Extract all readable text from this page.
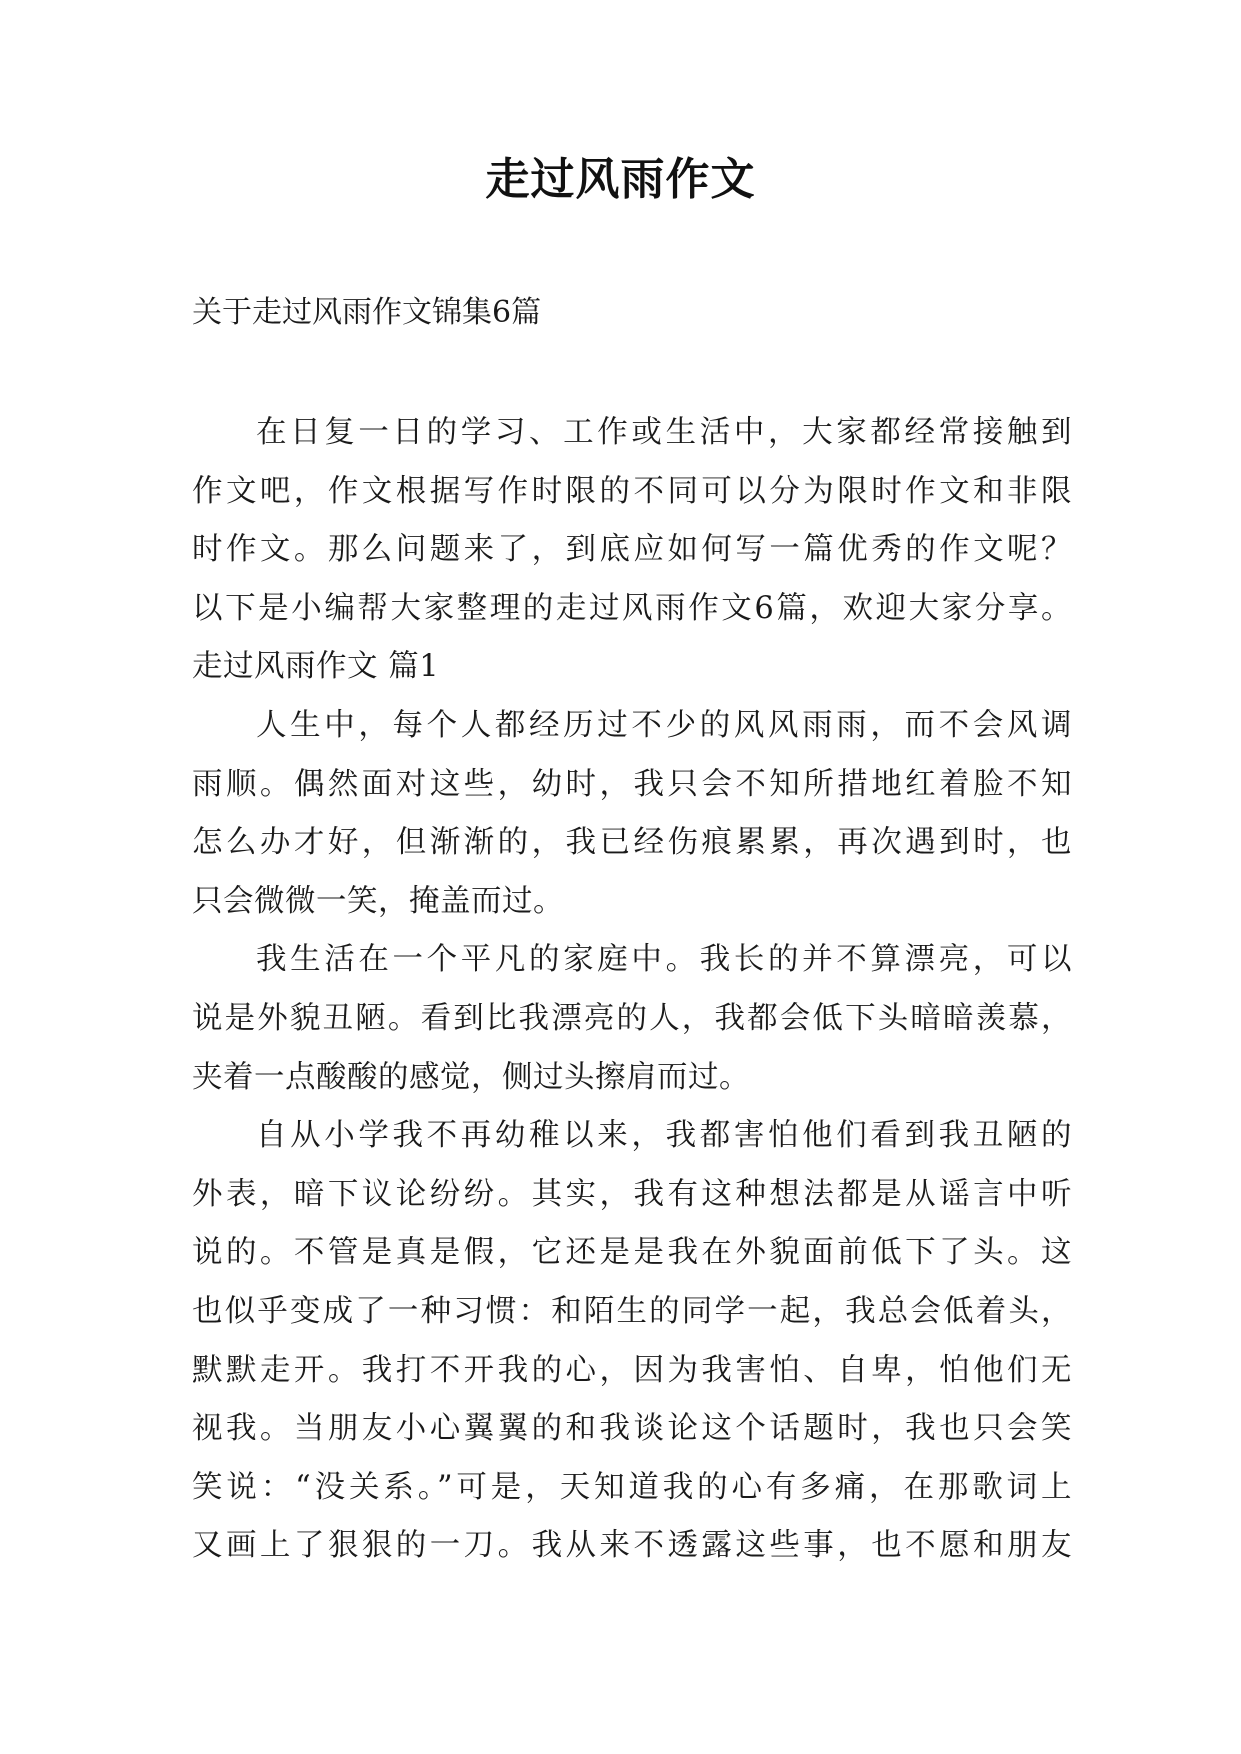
走过风雨作文
关于走过风雨作文锦集6篇
在日复一日的学习、工作或生活中，大家都经常接触到
作文吧，作文根据写作时限的不同可以分为限时作文和非限
时作文。那么问题来了，到底应如何写一篇优秀的作文呢？
以下是小编帮大家整理的走过风雨作文6篇，欢迎大家分享。
走过风雨作文 篇1
人生中，每个人都经历过不少的风风雨雨，而不会风调
雨顺。偶然面对这些，幼时，我只会不知所措地红着脸不知
怎么办才好，但渐渐的，我已经伤痕累累，再次遇到时，也
只会微微一笑，掩盖而过。
我生活在一个平凡的家庭中。我长的并不算漂亮，可以
说是外貌丑陋。看到比我漂亮的人，我都会低下头暗暗羡慕，
夹着一点酸酸的感觉，侧过头擦肩而过。
自从小学我不再幼稚以来，我都害怕他们看到我丑陋的
外表，暗下议论纷纷。其实，我有这种想法都是从谣言中听
说的。不管是真是假，它还是是我在外貌面前低下了头。这
也似乎变成了一种习惯：和陌生的同学一起，我总会低着头，
默默走开。我打不开我的心，因为我害怕、自卑，怕他们无
视我。当朋友小心翼翼的和我谈论这个话题时，我也只会笑
笑说：“没关系。”可是，天知道我的心有多痛，在那歌词上
又画上了狠狠的一刀。我从来不透露这些事，也不愿和朋友
